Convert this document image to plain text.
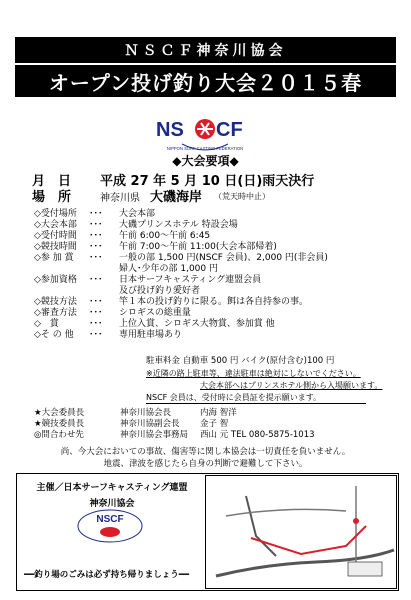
ＮＳＣＦ神奈川協会
オープン投げ釣り大会２０１５春
NS CF
NIPPON SURF CASTING FEDERATION
◆大会要項◆
月　日 平成 27 年 5 月 10 日(日)雨天決行
場　所	神奈川県 大磯海岸 （荒天時中止）
◇受付場所 ･･･ 大会本部
◇大会本部 ･･･ 大磯プリンスホテル 特設会場
◇受付時間 ･･･ 午前 6:00～午前 6:45
◇競技時間 ･･･ 午前 7:00～午前 11:00(大会本部帰着)
◇参 加 賞 ･･･ 一般の部 1,500 円(NSCF 会員)、2,000 円(非会員)
婦人･少年の部 1,000 円
◇参加資格 ･･･ 日本サーフキャスティング連盟会員
及び投げ釣り愛好者
◇競技方法 ･･･ 竿１本の投げ釣りに限る。餌は各自持参の事。
◇審査方法 ･･･ シロギスの総重量
◇　賞	･･･ 上位入賞、シロギス大物賞、参加賞 他
◇そ の 他 ･･･ 専用駐車場あり
駐車料金 自動車 500 円 バイク(原付含む)100 円
※近隣の路上駐車等、違法駐車は絶対にしないでください。
大会本部へはプリンスホテル側から入場願います。
NSCF 会員は、受付時に会員証を提示願います。
★大会委員長	神奈川協会長	内海 智洋
★競技委員長	神奈川協副会長 金子 智
◎問合わせ先	神奈川協会事務局 西山 元 TEL 080-5875-1013
尚、今大会においての事故、傷害等に関し本協会は一切責任を負いません。
地震、津波を感じたら自身の判断で避難して下さい。
主催／日本サーフキャスティング連盟
神奈川協会
NSCF
━━釣り場のごみは必ず持ち帰りましょう━━
